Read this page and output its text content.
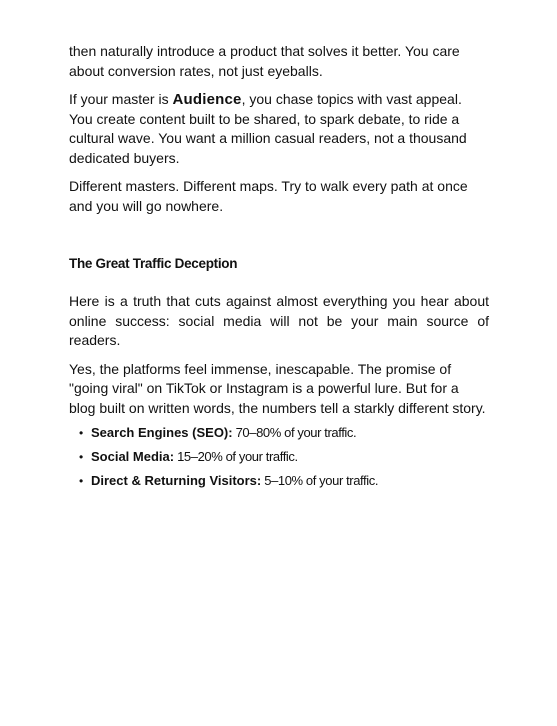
then naturally introduce a product that solves it better. You care about conversion rates, not just eyeballs.

If your master is Audience, you chase topics with vast appeal. You create content built to be shared, to spark debate, to ride a cultural wave. You want a million casual readers, not a thousand dedicated buyers.

Different masters. Different maps. Try to walk every path at once and you will go nowhere.

The Great Traffic Deception

Here is a truth that cuts against almost everything you hear about online success: social media will not be your main source of readers.

Yes, the platforms feel immense, inescapable. The promise of "going viral" on TikTok or Instagram is a powerful lure. But for a blog built on written words, the numbers tell a starkly different story.

• Search Engines (SEO): 70–80% of your traffic.
• Social Media: 15–20% of your traffic.
• Direct & Returning Visitors: 5–10% of your traffic.
